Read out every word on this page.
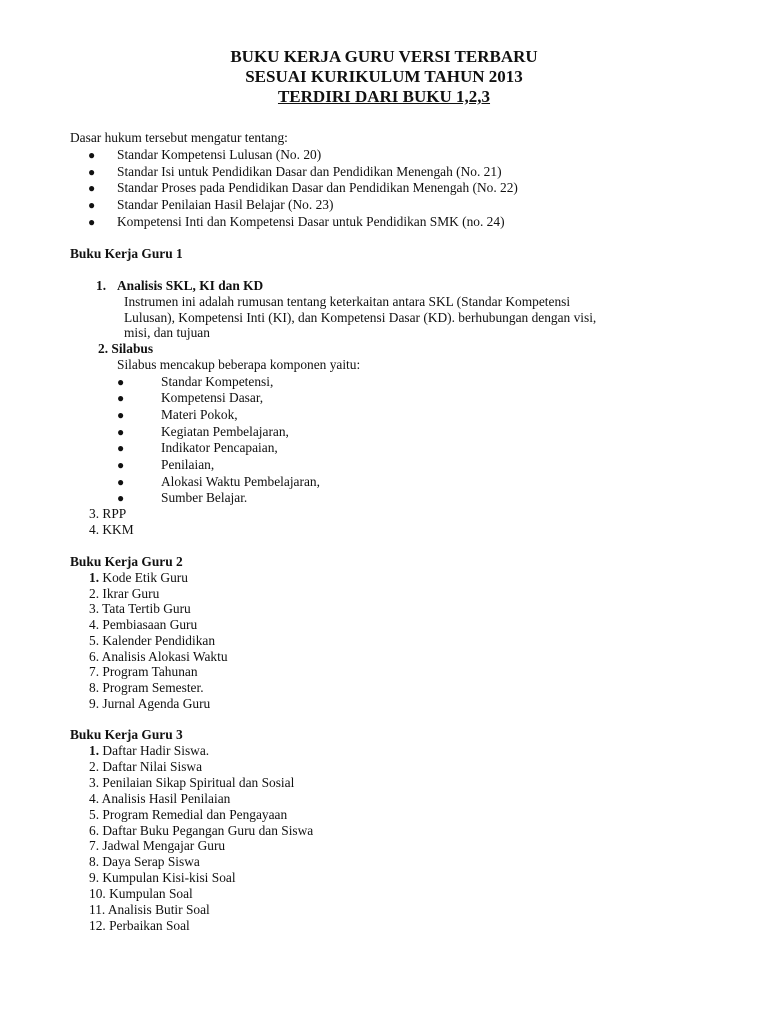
BUKU KERJA GURU VERSI TERBARU
SESUAI KURIKULUM TAHUN 2013
TERDIRI DARI BUKU 1,2,3
Dasar hukum tersebut mengatur tentang:
● Standar Kompetensi Lulusan (No. 20)
● Standar Isi untuk Pendidikan Dasar dan Pendidikan Menengah (No. 21)
● Standar Proses pada Pendidikan Dasar dan Pendidikan Menengah (No. 22)
● Standar Penilaian Hasil Belajar (No. 23)
● Kompetensi Inti dan Kompetensi Dasar untuk Pendidikan SMK (no. 24)
Buku Kerja Guru 1
1. Analisis SKL, KI dan KD
Instrumen ini adalah rumusan tentang keterkaitan antara SKL (Standar Kompetensi
Lulusan), Kompetensi Inti (KI), dan Kompetensi Dasar (KD). berhubungan dengan visi,
misi, dan tujuan
2. Silabus
Silabus mencakup beberapa komponen yaitu:
●	Standar Kompetensi,
●	Kompetensi Dasar,
●	Materi Pokok,
●	Kegiatan Pembelajaran,
●	Indikator Pencapaian,
●	Penilaian,
●	Alokasi Waktu Pembelajaran,
●	Sumber Belajar.
3. RPP
4. KKM
Buku Kerja Guru 2
1. Kode Etik Guru
2. Ikrar Guru
3. Tata Tertib Guru
4. Pembiasaan Guru
5. Kalender Pendidikan
6. Analisis Alokasi Waktu
7. Program Tahunan
8. Program Semester.
9. Jurnal Agenda Guru
Buku Kerja Guru 3
1. Daftar Hadir Siswa.
2. Daftar Nilai Siswa
3. Penilaian Sikap Spiritual dan Sosial
4. Analisis Hasil Penilaian
5. Program Remedial dan Pengayaan
6. Daftar Buku Pegangan Guru dan Siswa
7. Jadwal Mengajar Guru
8. Daya Serap Siswa
9. Kumpulan Kisi-kisi Soal
10. Kumpulan Soal
11. Analisis Butir Soal
12. Perbaikan Soal
